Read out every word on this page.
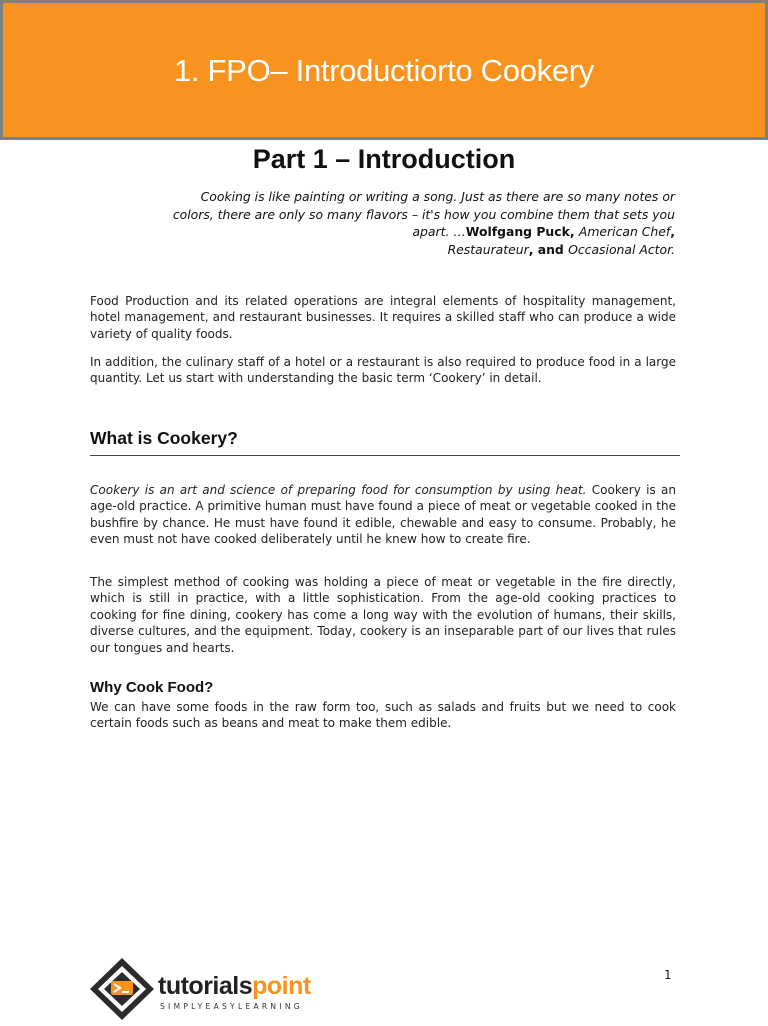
1. FPO– Introductiorto Cookery
Part 1 – Introduction
Cooking is like painting or writing a song. Just as there are so many notes or colors, there are only so many flavors – it's how you combine them that sets you apart. …Wolfgang Puck, American Chef,
Restaurateur, and Occasional Actor.

Food Production and its related operations are integral elements of hospitality management, hotel management, and restaurant businesses. It requires a skilled staff who can produce a wide variety of quality foods.

In addition, the culinary staff of a hotel or a restaurant is also required to produce food in a large quantity. Let us start with understanding the basic term ‘Cookery’ in detail.

What is Cookery?

Cookery is an art and science of preparing food for consumption by using heat. Cookery is an age-old practice. A primitive human must have found a piece of meat or vegetable cooked in the bushfire by chance. He must have found it edible, chewable and easy to consume. Probably, he even must not have cooked deliberately until he knew how to create fire.

The simplest method of cooking was holding a piece of meat or vegetable in the fire directly, which is still in practice, with a little sophistication. From the age-old cooking practices to cooking for fine dining, cookery has come a long way with the evolution of humans, their skills, diverse cultures, and the equipment. Today, cookery is an inseparable part of our lives that rules our tongues and hearts.

Why Cook Food?

We can have some foods in the raw form too, such as salads and fruits but we need to cook certain foods such as beans and meat to make them edible.

tutorialspoint
SIMPLYEASYLEARNING
1
